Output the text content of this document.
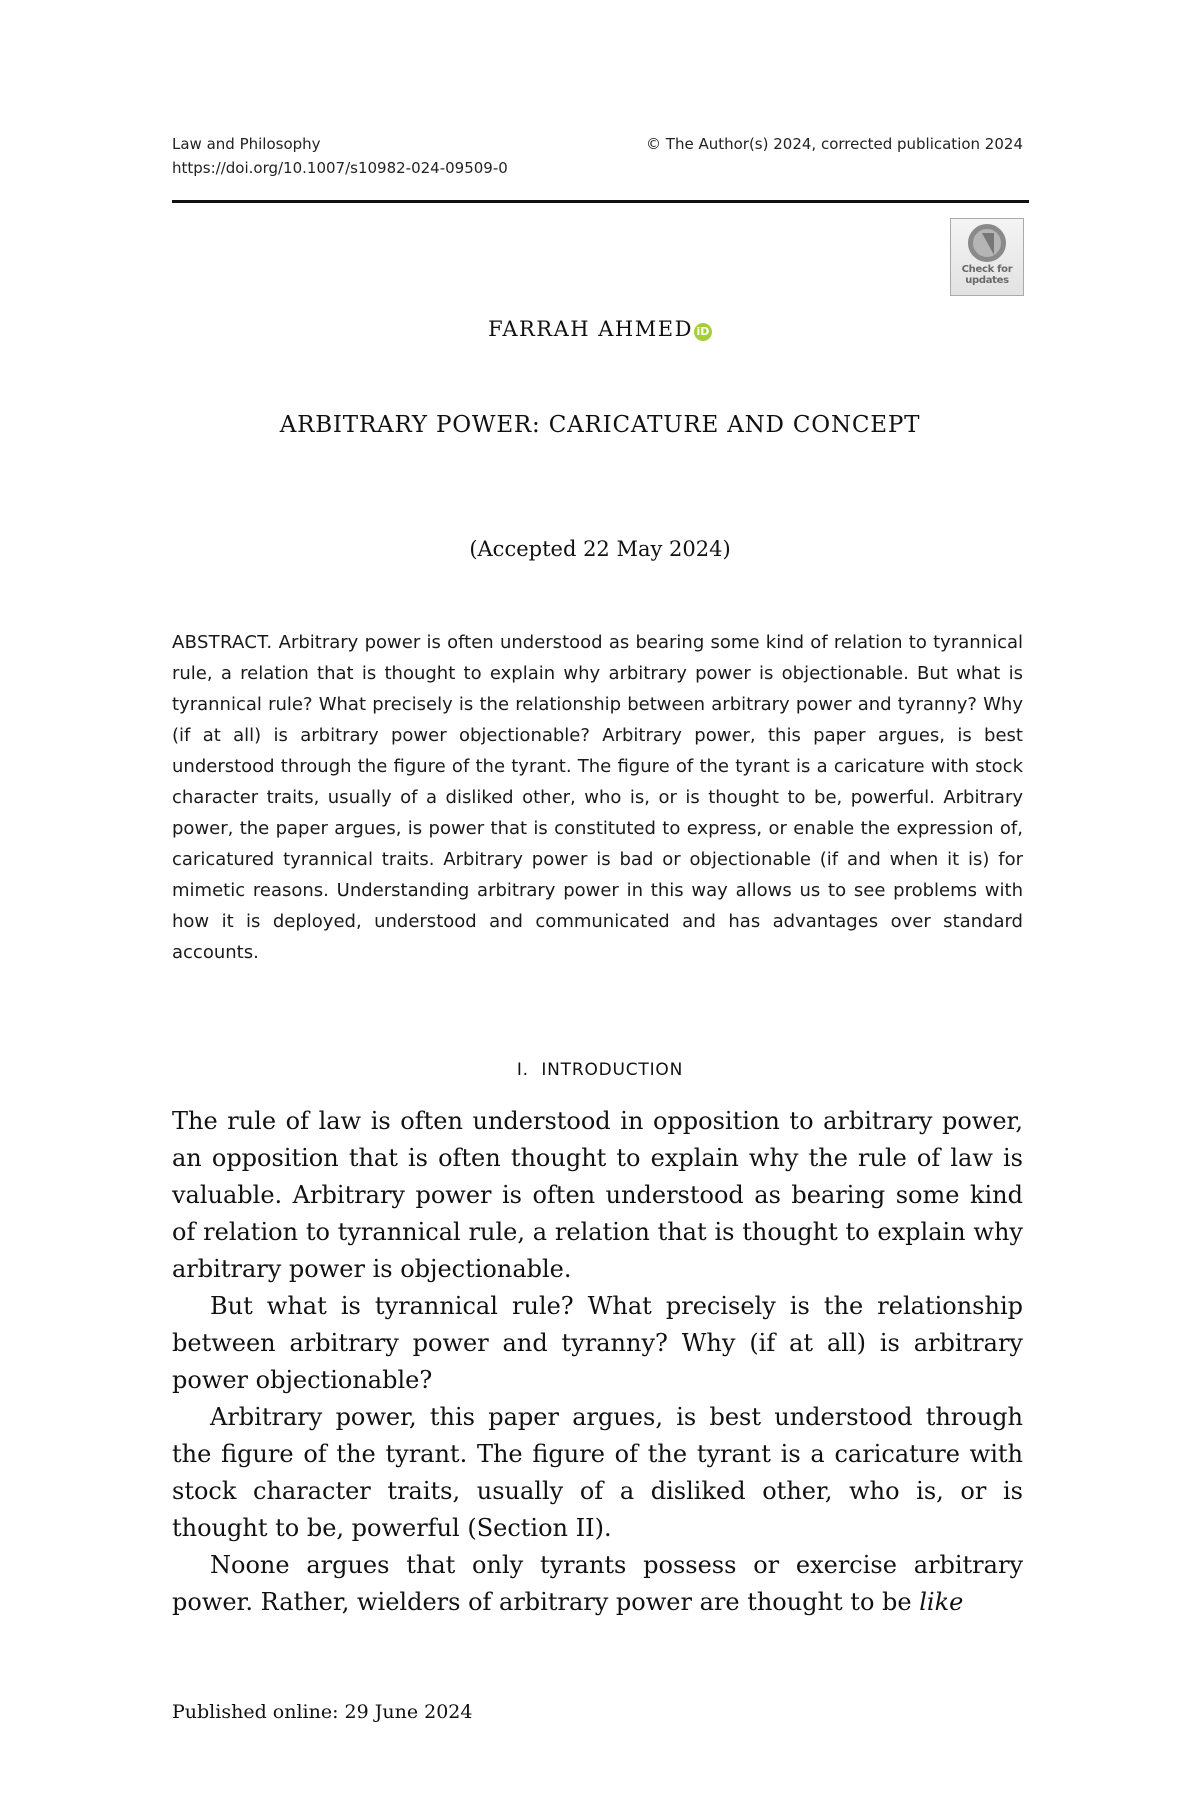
Law and Philosophy
https://doi.org/10.1007/s10982-024-09509-0
© The Author(s) 2024, corrected publication 2024
Check for
updates
FARRAH AHMED iD
ARBITRARY POWER: CARICATURE AND CONCEPT
(Accepted 22 May 2024)

ABSTRACT. Arbitrary power is often understood as bearing some kind of relation to tyrannical rule, a relation that is thought to explain why arbitrary power is objectionable. But what is tyrannical rule? What precisely is the relationship between arbitrary power and tyranny? Why (if at all) is arbitrary power objectionable? Arbitrary power, this paper argues, is best understood through the figure of the tyrant. The figure of the tyrant is a caricature with stock character traits, usually of a disliked other, who is, or is thought to be, powerful. Arbitrary power, the paper argues, is power that is constituted to express, or enable the expression of, caricatured tyrannical traits. Arbitrary power is bad or objectionable (if and when it is) for mimetic reasons. Understanding arbitrary power in this way allows us to see problems with how it is deployed, understood and communicated and has advantages over standard accounts.

I. INTRODUCTION

The rule of law is often understood in opposition to arbitrary power, an opposition that is often thought to explain why the rule of law is valuable. Arbitrary power is often understood as bearing some kind of relation to tyrannical rule, a relation that is thought to explain why arbitrary power is objectionable.

But what is tyrannical rule? What precisely is the relationship between arbitrary power and tyranny? Why (if at all) is arbitrary power objectionable?

Arbitrary power, this paper argues, is best understood through the figure of the tyrant. The figure of the tyrant is a caricature with stock character traits, usually of a disliked other, who is, or is thought to be, powerful (Section II).

Noone argues that only tyrants possess or exercise arbitrary power. Rather, wielders of arbitrary power are thought to be like

Published online: 29 June 2024
